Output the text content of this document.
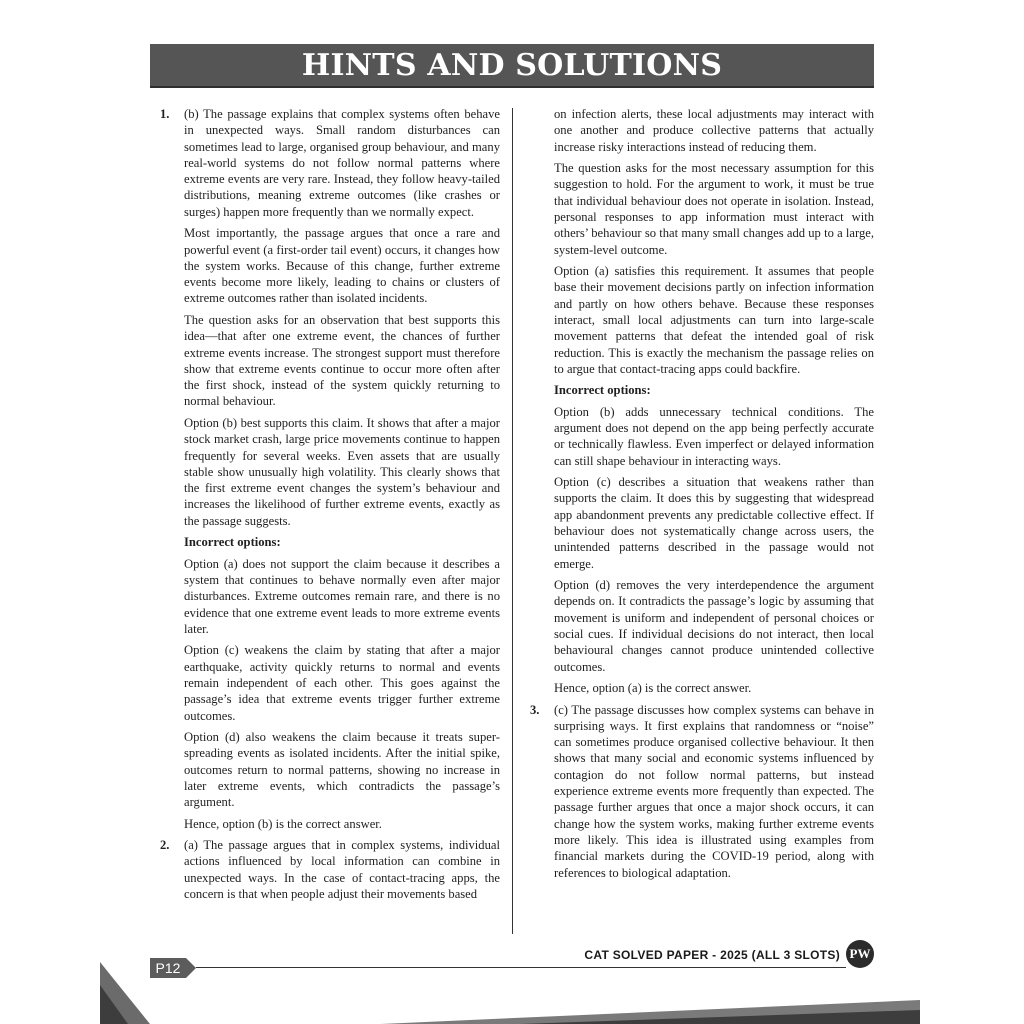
HINTS AND SOLUTIONS
1.	(b) The passage explains that complex systems often behave in unexpected ways. Small random disturbances can sometimes lead to large, organised group behaviour, and many real-world systems do not follow normal patterns where extreme events are very rare. Instead, they follow heavy-tailed distributions, meaning extreme outcomes (like crashes or surges) happen more frequently than we normally expect.

Most importantly, the passage argues that once a rare and powerful event (a first-order tail event) occurs, it changes how the system works. Because of this change, further extreme events become more likely, leading to chains or clusters of extreme outcomes rather than isolated incidents.

The question asks for an observation that best supports this idea—that after one extreme event, the chances of further extreme events increase. The strongest support must therefore show that extreme events continue to occur more often after the first shock, instead of the system quickly returning to normal behaviour.

Option (b) best supports this claim. It shows that after a major stock market crash, large price movements continue to happen frequently for several weeks. Even assets that are usually stable show unusually high volatility. This clearly shows that the first extreme event changes the system’s behaviour and increases the likelihood of further extreme events, exactly as the passage suggests.

Incorrect options:

Option (a) does not support the claim because it describes a system that continues to behave normally even after major disturbances. Extreme outcomes remain rare, and there is no evidence that one extreme event leads to more extreme events later.

Option (c) weakens the claim by stating that after a major earthquake, activity quickly returns to normal and events remain independent of each other. This goes against the passage’s idea that extreme events trigger further extreme outcomes.

Option (d) also weakens the claim because it treats super-spreading events as isolated incidents. After the initial spike, outcomes return to normal patterns, showing no increase in later extreme events, which contradicts the passage’s argument.

Hence, option (b) is the correct answer.

2.	(a) The passage argues that in complex systems, individual actions influenced by local information can combine in unexpected ways. In the case of contact-tracing apps, the concern is that when people adjust their movements based

on infection alerts, these local adjustments may interact with one another and produce collective patterns that actually increase risky interactions instead of reducing them.

The question asks for the most necessary assumption for this suggestion to hold. For the argument to work, it must be true that individual behaviour does not operate in isolation. Instead, personal responses to app information must interact with others’ behaviour so that many small changes add up to a large, system-level outcome.

Option (a) satisfies this requirement. It assumes that people base their movement decisions partly on infection information and partly on how others behave. Because these responses interact, small local adjustments can turn into large-scale movement patterns that defeat the intended goal of risk reduction. This is exactly the mechanism the passage relies on to argue that contact-tracing apps could backfire.

Incorrect options:

Option (b) adds unnecessary technical conditions. The argument does not depend on the app being perfectly accurate or technically flawless. Even imperfect or delayed information can still shape behaviour in interacting ways.

Option (c) describes a situation that weakens rather than supports the claim. It does this by suggesting that widespread app abandonment prevents any predictable collective effect. If behaviour does not systematically change across users, the unintended patterns described in the passage would not emerge.

Option (d) removes the very interdependence the argument depends on. It contradicts the passage’s logic by assuming that movement is uniform and independent of personal choices or social cues. If individual decisions do not interact, then local behavioural changes cannot produce unintended collective outcomes.

Hence, option (a) is the correct answer.

3.	(c) The passage discusses how complex systems can behave in surprising ways. It first explains that randomness or “noise” can sometimes produce organised collective behaviour. It then shows that many social and economic systems influenced by contagion do not follow normal patterns, but instead experience extreme events more frequently than expected. The passage further argues that once a major shock occurs, it can change how the system works, making further extreme events more likely. This idea is illustrated using examples from financial markets during the COVID-19 period, along with references to biological adaptation.

P12
CAT SOLVED PAPER - 2025 (ALL 3 SLOTS) PW
